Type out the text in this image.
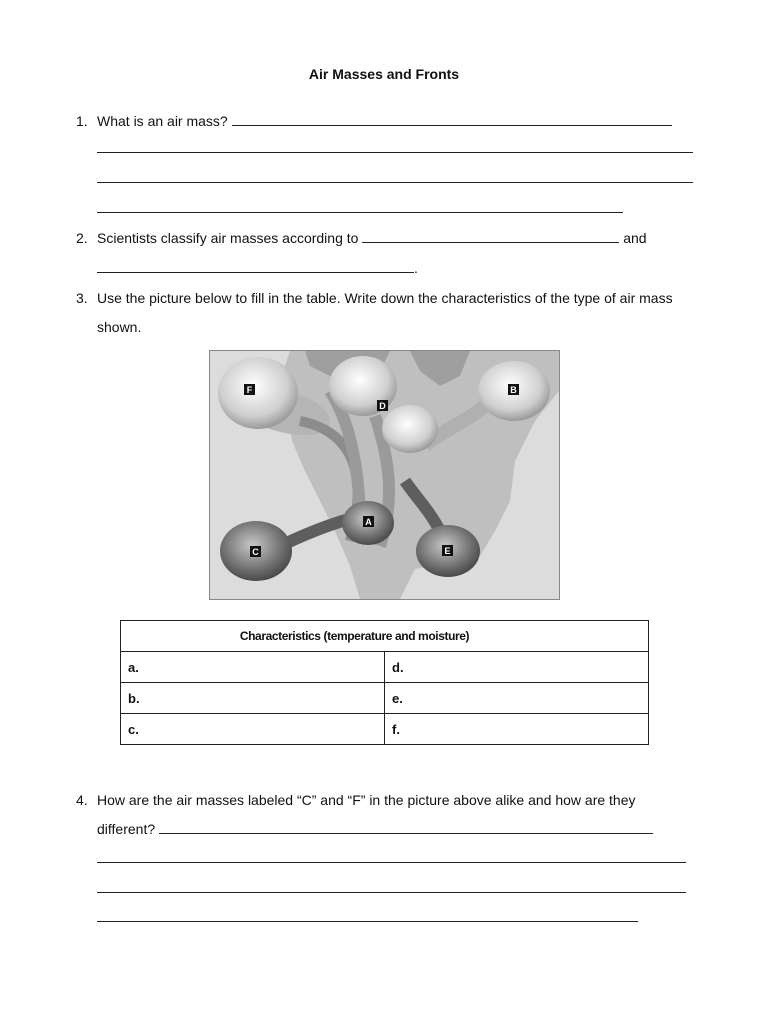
Air Masses and Fronts
1. What is an air mass?
2. Scientists classify air masses according to	and
.
3. Use the picture below to fill in the table. Write down the characteristics of the type of air mass
shown.
F	B
D
A
C	E
Characteristics (temperature and moisture)	
a.	d.
b.	e.
c.	f.
4. How are the air masses labeled “C” and “F” in the picture above alike and how are they
different?
